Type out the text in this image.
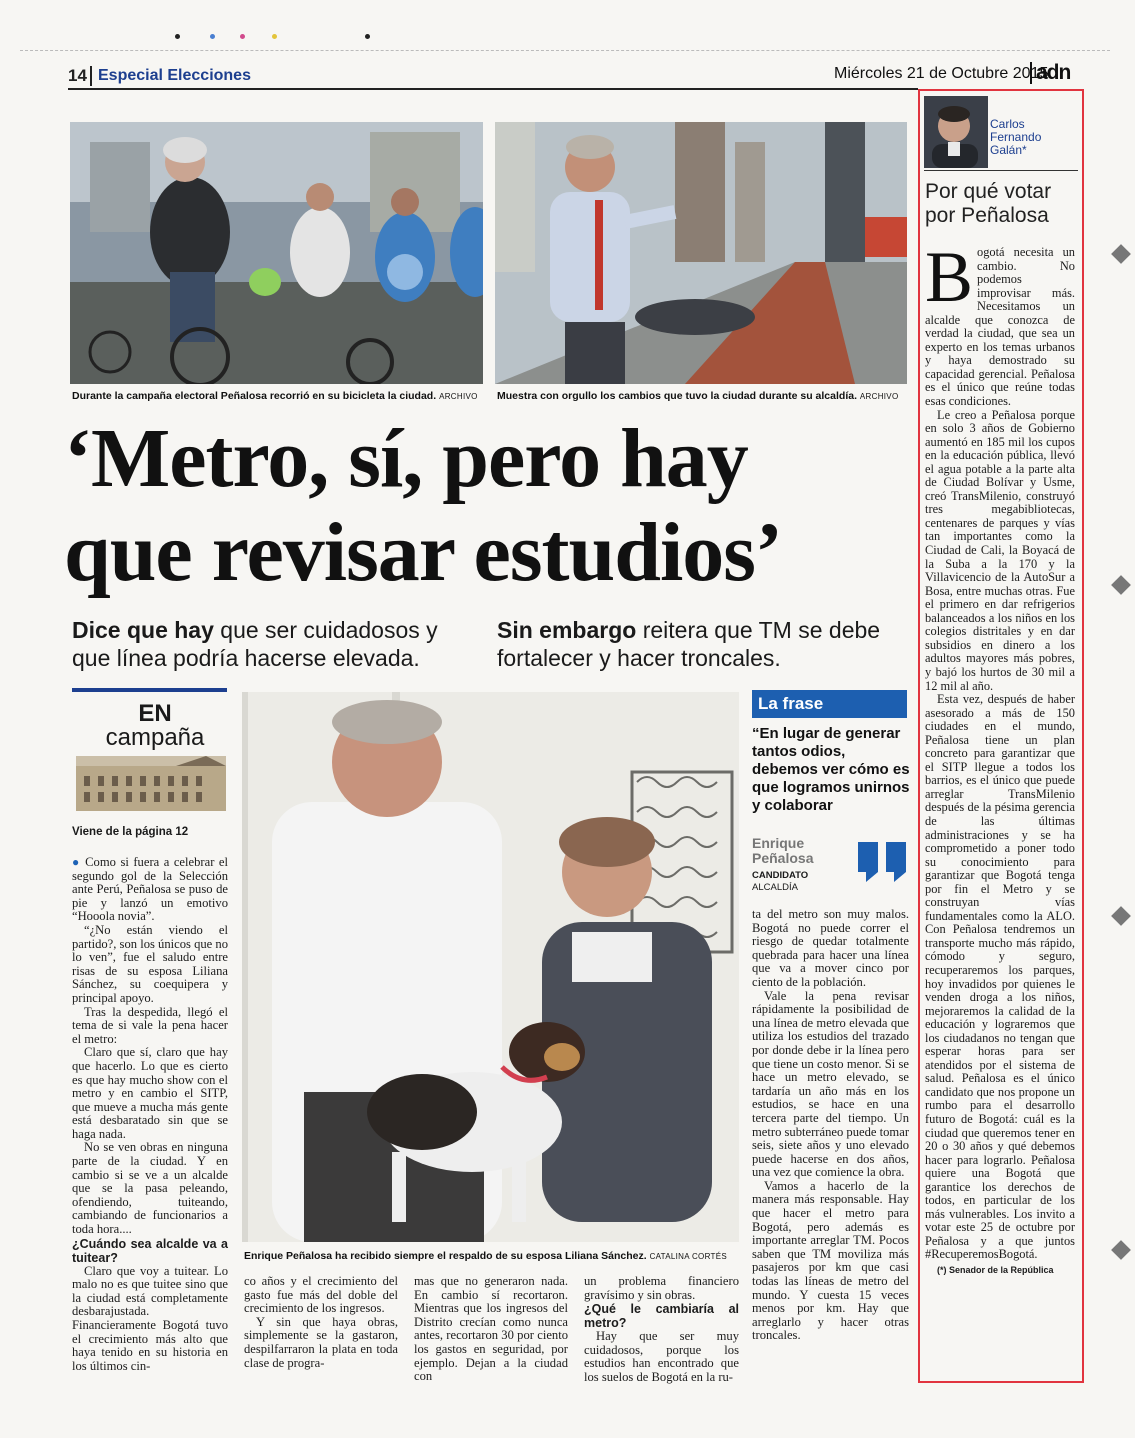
14 Especial Elecciones	Miércoles 21 de Octubre 2015
adn
Durante la campaña electoral Peñalosa recorrió en su bicicleta la ciudad. ARCHIVO	Muestra con orgullo los cambios que tuvo la ciudad durante su alcaldía. ARCHIVO
‘Metro, sí, pero hay
que revisar estudios’
Dice que hay que ser cuidadosos y que línea podría hacerse elevada.
Sin embargo reitera que TM se debe fortalecer y hacer troncales.
EN
campaña
Viene de la página 12

● Como si fuera a celebrar el segundo gol de la Selección ante Perú, Peñalosa se puso de pie y lanzó un emotivo “Hooola novia”.

“¿No están viendo el partido?, son los únicos que no lo ven”, fue el saludo entre risas de su esposa Liliana Sánchez, su coequipera y principal apoyo.

Tras la despedida, llegó el tema de si vale la pena hacer el metro:

Claro que sí, claro que hay que hacerlo. Lo que es cierto es que hay mucho show con el metro y en cambio el SITP, que mueve a mucha más gente está desbaratado sin que se haga nada.

No se ven obras en ninguna parte de la ciudad. Y en cambio si se ve a un alcalde que se la pasa peleando, ofendiendo, tuiteando, cambiando de funcionarios a toda hora....

¿Cuándo sea alcalde va a tuitear?

Claro que voy a tuitear. Lo malo no es que tuitee sino que la ciudad está completamente desbarajustada. Financieramente Bogotá tuvo el crecimiento más alto que haya tenido en su historia en los últimos cin-

Enrique Peñalosa ha recibido siempre el respaldo de su esposa Liliana Sánchez. CATALINA CORTÉS

co años y el crecimiento del gasto fue más del doble del crecimiento de los ingresos.

Y sin que haya obras, simplemente se la gastaron, despilfarraron la plata en toda clase de progra-

mas que no generaron nada. En cambio sí recortaron. Mientras que los ingresos del Distrito crecían como nunca antes, recortaron 30 por ciento los gastos en seguridad, por ejemplo. Dejan a la ciudad con

un problema financiero gravísimo y sin obras.

¿Qué le cambiaría al metro?

Hay que ser muy cuidadosos, porque los estudios han encontrado que los suelos de Bogotá en la ru-

La frase
“En lugar de generar tantos odios, debemos ver cómo es que logramos unirnos y colaborar
Enrique Peñalosa
CANDIDATO
ALCALDÍA

ta del metro son muy malos. Bogotá no puede correr el riesgo de quedar totalmente quebrada para hacer una línea que va a mover cinco por ciento de la población.

Vale la pena revisar rápidamente la posibilidad de una línea de metro elevada que utiliza los estudios del trazado por donde debe ir la línea pero que tiene un costo menor. Si se hace un metro elevado, se tardaría un año más en los estudios, se hace en una tercera parte del tiempo. Un metro subterráneo puede tomar seis, siete años y uno elevado puede hacerse en dos años, una vez que comience la obra.

Vamos a hacerlo de la manera más responsable. Hay que hacer el metro para Bogotá, pero además es importante arreglar TM. Pocos saben que TM moviliza más pasajeros por km que casi todas las líneas de metro del mundo. Y cuesta 15 veces menos por km. Hay que arreglarlo y hacer otras troncales.

Carlos
Fernando
Galán*
Por qué votar por Peñalosa

Bogotá necesita un cambio. No podemos improvisar más. Necesitamos un alcalde que conozca de verdad la ciudad, que sea un experto en los temas urbanos y haya demostrado su capacidad gerencial. Peñalosa es el único que reúne todas esas condiciones.

Le creo a Peñalosa porque en solo 3 años de Gobierno aumentó en 185 mil los cupos en la educación pública, llevó el agua potable a la parte alta de Ciudad Bolívar y Usme, creó TransMilenio, construyó tres megabibliotecas, centenares de parques y vías tan importantes como la Ciudad de Cali, la Boyacá de la Suba a la 170 y la Villavicencio de la AutoSur a Bosa, entre muchas otras. Fue el primero en dar refrigerios balanceados a los niños en los colegios distritales y en dar subsidios en dinero a los adultos mayores más pobres, y bajó los hurtos de 30 mil a 12 mil al año.

Esta vez, después de haber asesorado a más de 150 ciudades en el mundo, Peñalosa tiene un plan concreto para garantizar que el SITP llegue a todos los barrios, es el único que puede arreglar TransMilenio después de la pésima gerencia de las últimas administraciones y se ha comprometido a poner todo su conocimiento para garantizar que Bogotá tenga por fin el Metro y se construyan vías fundamentales como la ALO. Con Peñalosa tendremos un transporte mucho más rápido, cómodo y seguro, recuperaremos los parques, hoy invadidos por quienes le venden droga a los niños, mejoraremos la calidad de la educación y lograremos que los ciudadanos no tengan que esperar horas para ser atendidos por el sistema de salud. Peñalosa es el único candidato que nos propone un rumbo para el desarrollo futuro de Bogotá: cuál es la ciudad que queremos tener en 20 o 30 años y qué debemos hacer para lograrlo. Peñalosa quiere una Bogotá que garantice los derechos de todos, en particular de los más vulnerables. Los invito a votar este 25 de octubre por Peñalosa y a que juntos #RecuperemosBogotá.

(*) Senador de la República
